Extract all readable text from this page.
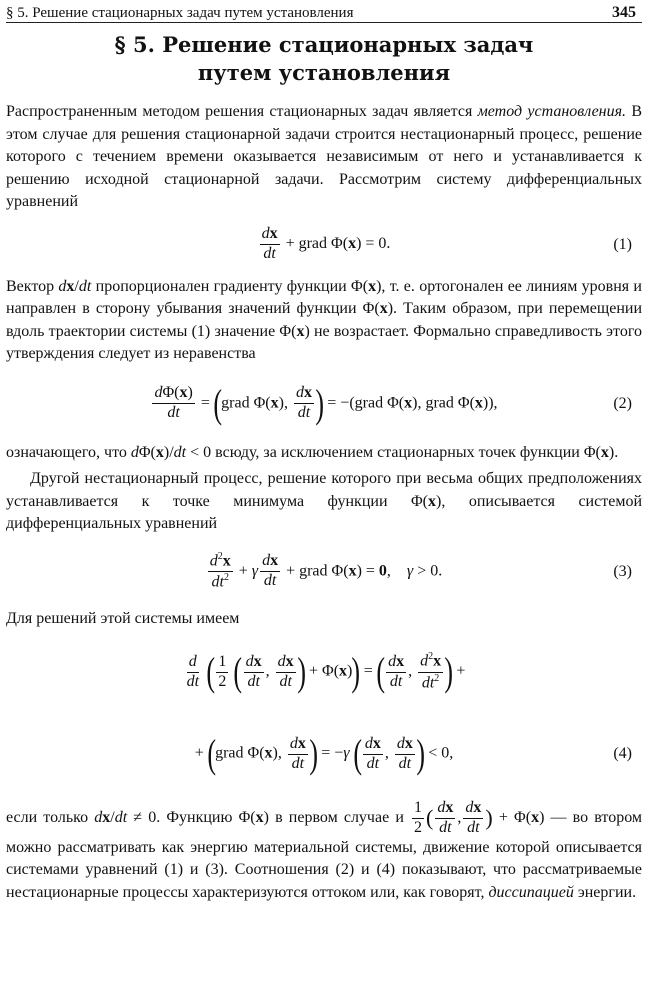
§ 5. Решение стационарных задач путем установления	345
§ 5. Решение стационарных задач
путем установления

Распространенным методом решения стационарных задач является метод установления. В этом случае для решения стационарной задачи строится нестационарный процесс, решение которого с течением времени оказывается независимым от него и устанавливается к решению исходной стационарной задачи. Рассмотрим систему дифференциальных уравнений

$\frac{dx}{dt}$ + grad Φ(x) = 0.	(1)

Вектор dx/dt пропорционален градиенту функции Φ(x), т. е. ортогонален ее линиям уровня и направлен в сторону убывания значений функции Φ(x). Таким образом, при перемещении вдоль траектории системы (1) значение Φ(x) не возрастает. Формально справедливость этого утверждения следует из неравенства

$\frac{d\Phi(x)}{dt}$ = (grad Φ(x), $\frac{dx}{dt}$ ) = −(grad Φ(x), grad Φ(x)),	(2)

означающего, что dΦ(x)/dt < 0 всюду, за исключением стационарных точек функции Φ(x).

Другой нестационарный процесс, решение которого при весьма общих предположениях устанавливается к точке минимума функции Φ(x), описывается системой дифференциальных уравнений

$\frac{d^2x}{dt^2} + \gamma \frac{dx}{dt}$ + grad Φ(x) = 0,    γ > 0.	(3)

Для решений этой системы имеем

$\frac{d}{dt}$ ( $\frac{1}{2}$ ( $\frac{dx}{dt}$ , $\frac{dx}{dt}$ ) + Φ(x)) = ( $\frac{dx}{dt}$ , $\frac{d^2x}{dt^2}$ ) +
+ (grad Φ(x), $\frac{dx}{dt}$ ) = −γ ( $\frac{dx}{dt}$ , $\frac{dx}{dt}$ ) < 0,	(4)

если только dx/dt ≠ 0. Функцию Φ(x) в первом случае и $\frac{1}{2}$ ( $\frac{dx}{dt}$ , $\frac{dx}{dt}$ ) + Φ(x) — во втором можно рассматривать как энергию материальной системы, движение которой описывается системами уравнений (1) и (3). Соотношения (2) и (4) показывают, что рассматриваемые нестационарные процессы характеризуются оттоком или, как говорят, диссипацией энергии.
